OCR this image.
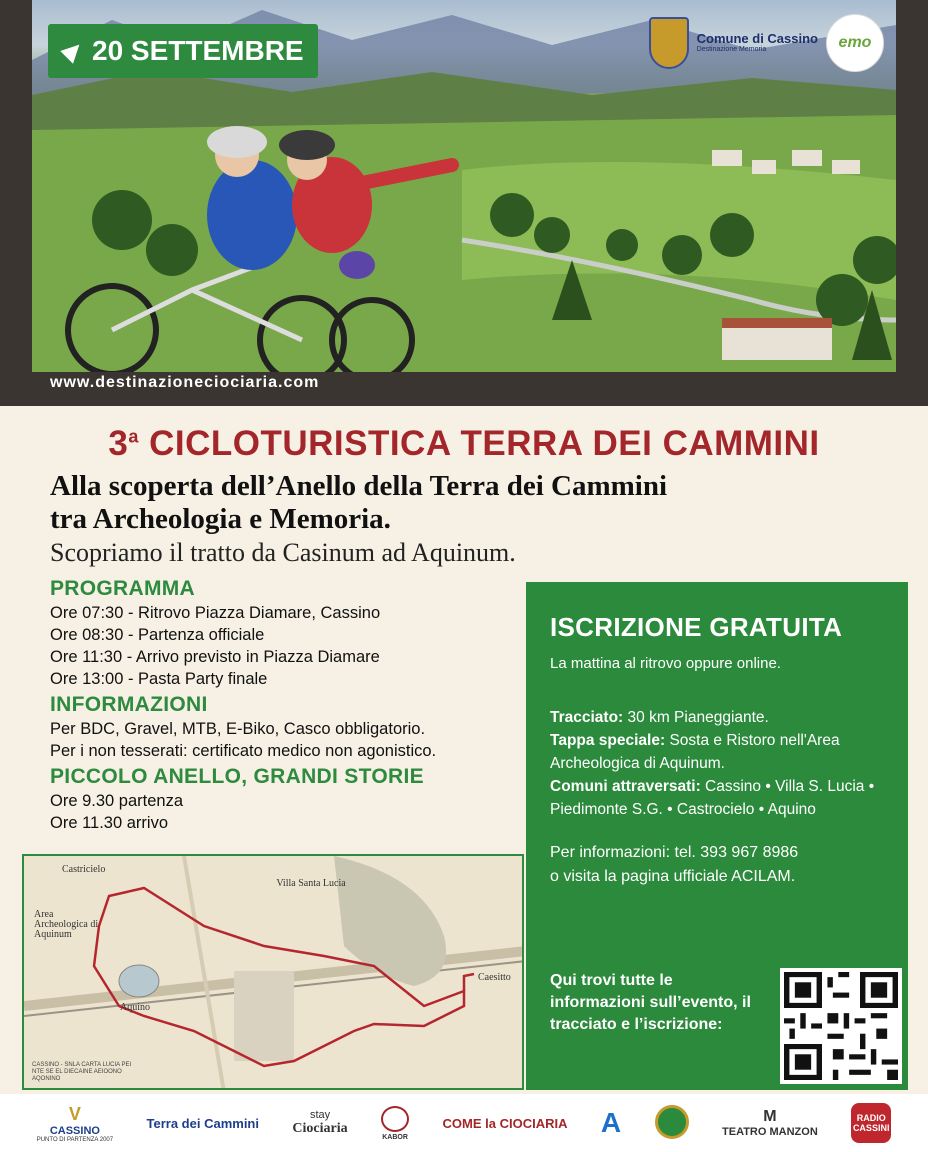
20 SETTEMBRE	Comune di Cassino
Destinazione Memoria	emo
www.destinazioneciociaria.com
3$^a$ CICLOTURISTICA TERRA DEI CAMMINI
Alla scoperta dell’Anello della Terra dei Cammini
tra Archeologia e Memoria.
Scopriamo il tratto da Casinum ad Aquinum.
PROGRAMMA
Ore 07:30 - Ritrovo Piazza Diamare, Cassino
Ore 08:30 - Partenza officiale
Ore 11:30 - Arrivo previsto in Piazza Diamare
Ore 13:00 - Pasta Party finale
INFORMAZIONI
Per BDC, Gravel, MTB, E-Biko, Casco obbligatorio.
Per i non tesserati: certificato medico non agonistico.
PICCOLO ANELLO, GRANDI STORIE
Ore 9.30 partenza
Ore 11.30 arrivo
Castricielo
Area Archeologica di Aquinum
Aquino
Villa Santa Lucia
Caesitto
CASSINO - SNLA CARTA LUCIA PEI NTE SE EL DIECAINE AEIOONO AQONINO
ISCRIZIONE GRATUITA
La mattina al ritrovo oppure online.
Tracciato: 30 km Pianeggiante.
Tappa speciale: Sosta e Ristoro nell'Area Archeologica di Aquinum.
Comuni attraversati: Cassino • Villa S. Lucia • Piedimonte S.G. • Castrocielo • Aquino
Per informazioni: tel. 393 967 8986
o visita la pagina ufficiale ACILAM.
Qui trovi tutte le informazioni sull’evento, il tracciato e l’iscrizione:
V
CASSINO
PUNTO DI PARTENZA 2007
Terra dei Cammini
stay
Ciociaria
KABOR
COME la CIOCIARIA A	M
TEATRO MANZON
RADIO CASSINI
